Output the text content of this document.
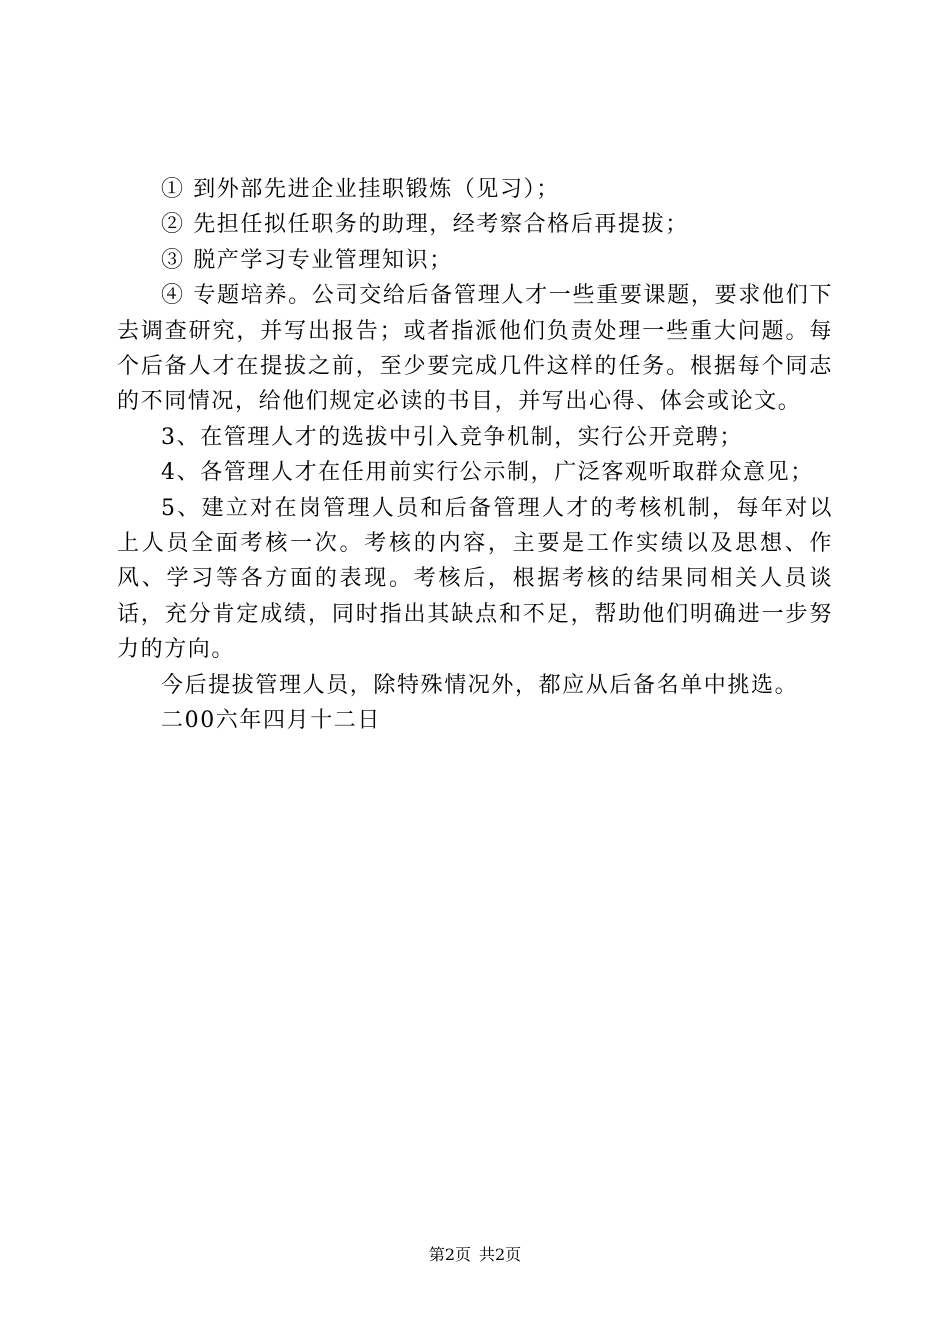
① 到外部先进企业挂职锻炼（见习）；

② 先担任拟任职务的助理，经考察合格后再提拔；

③ 脱产学习专业管理知识；

④ 专题培养。公司交给后备管理人才一些重要课题，要求他们下去调查研究，并写出报告；或者指派他们负责处理一些重大问题。每个后备人才在提拔之前，至少要完成几件这样的任务。根据每个同志的不同情况，给他们规定必读的书目，并写出心得、体会或论文。

3、在管理人才的选拔中引入竞争机制，实行公开竞聘；

4、各管理人才在任用前实行公示制，广泛客观听取群众意见；

5、建立对在岗管理人员和后备管理人才的考核机制，每年对以上人员全面考核一次。考核的内容，主要是工作实绩以及思想、作风、学习等各方面的表现。考核后，根据考核的结果同相关人员谈话，充分肯定成绩，同时指出其缺点和不足，帮助他们明确进一步努力的方向。

今后提拔管理人员，除特殊情况外，都应从后备名单中挑选。

二00六年四月十二日

第2页 共2页
